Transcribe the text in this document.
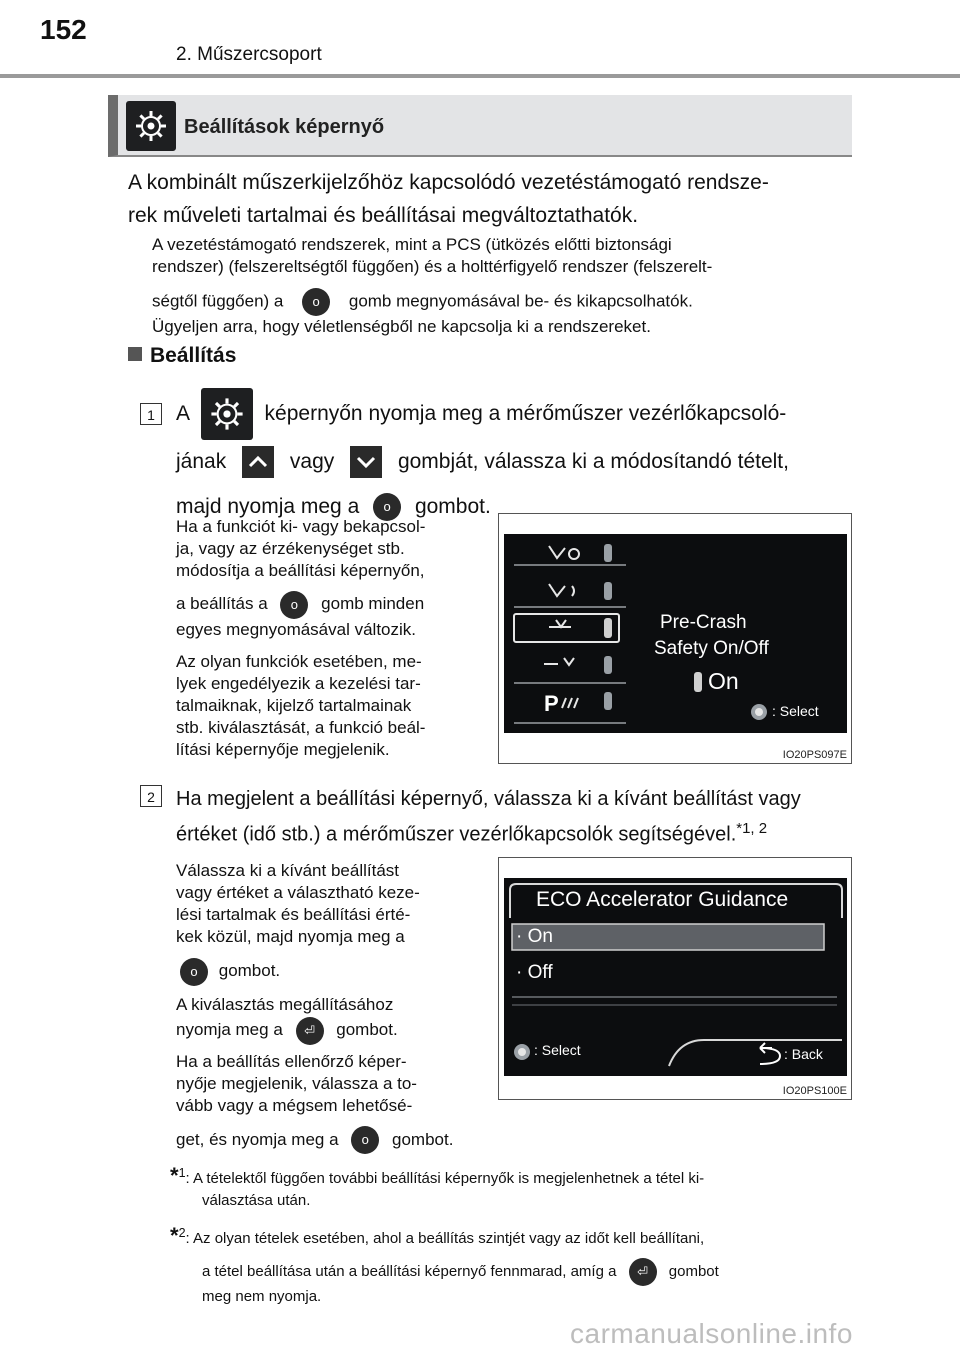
152
2. Műszercsoport
Beállítások képernyő
A kombinált műszerkijelzőhöz kapcsolódó vezetéstámogató rendsze-
rek műveleti tartalmai és beállításai megváltoztathatók.
A vezetéstámogató rendszerek, mint a PCS (ütközés előtti biztonsági
rendszer) (felszereltségtől függően) és a holttérfigyelő rendszer (felszerelt-
ségtől függően) a o gomb megnyomásával be- és kikapcsolhatók.
Ügyeljen arra, hogy véletlenségből ne kapcsolja ki a rendszereket.
Beállítás
1	A	képernyőn nyomja meg a mérőműszer vezérlőkapcsoló-
jának	vagy	gombját, válassza ki a módosítandó tételt,
majd nyomja meg a o gombot.
Ha a funkciót ki- vagy bekapcsol-
ja, vagy az érzékenységet stb.
módosítja a beállítási képernyőn,
a beállítás a o gomb minden
egyes megnyomásával változik.
Az olyan funkciók esetében, me-
lyek engedélyezik a kezelési tar-
talmaiknak, kijelző tartalmainak
stb. kiválasztását, a funkció beál-
lítási képernyője megjelenik.
P
Pre-Crash
Safety On/Off
On
: Select
IO20PS097E
2	Ha megjelent a beállítási képernyő, válassza ki a kívánt beállítást vagy
értéket (idő stb.) a mérőműszer vezérlőkapcsolók segítségével.$^{*1, 2}$
Válassza ki a kívánt beállítást
vagy értéket a választható keze-
lési tartalmak és beállítási érté-
kek közül, majd nyomja meg a
o gombot.
A kiválasztás megállításához
nyomja meg a ⏎ gombot.
Ha a beállítás ellenőrző képer-
nyője megjelenik, válassza a to-
vább vagy a mégsem lehetősé-
get, és nyomja meg a o gombot.
ECO Accelerator Guidance
· On
· Off
: Select	: Back
IO20PS100E
*$^1$: A tételektől függően további beállítási képernyők is megjelenhetnek a tétel ki-
választása után.
*$^2$: Az olyan tételek esetében, ahol a beállítás szintjét vagy az időt kell beállítani,
a tétel beállítása után a beállítási képernyő fennmarad, amíg a ⏎ gombot
meg nem nyomja.
carmanualsonline.info
